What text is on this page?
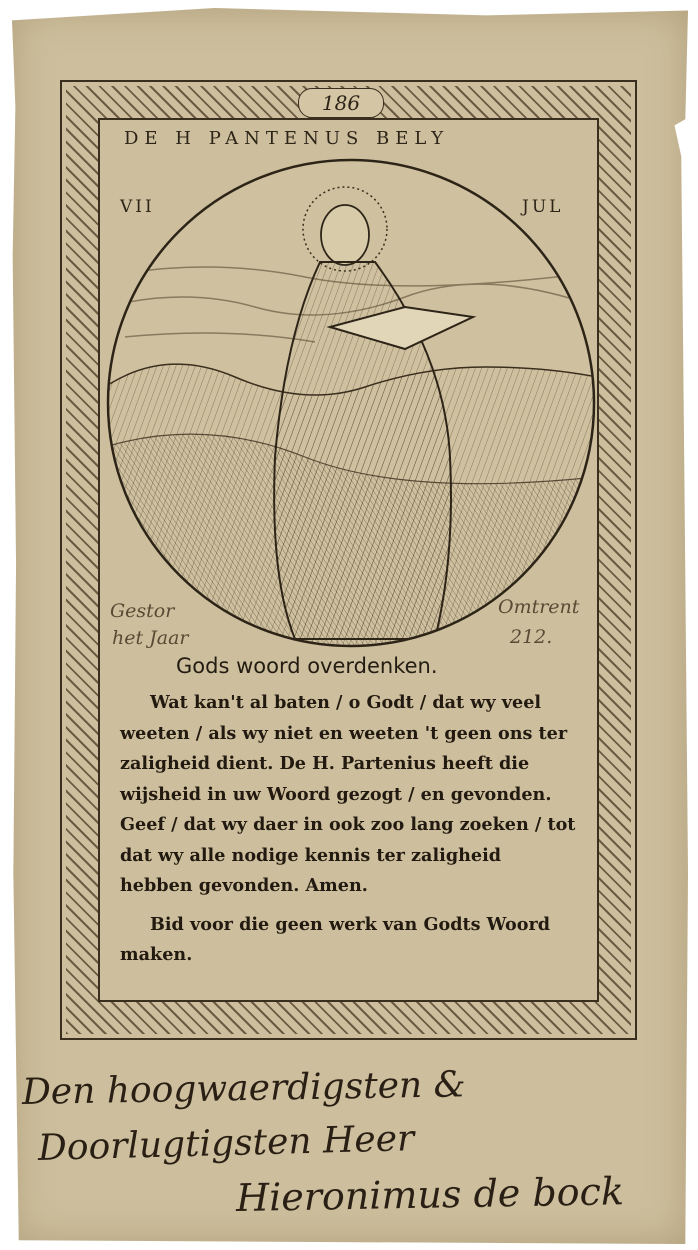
186
DE H PANTENUS BELY
VII	JUL
Gestor
het Jaar
Omtrent
212.
Gods woord overdenken.

Wat kan't al baten / o Godt / dat wy veel weeten / als wy niet en weeten 't geen ons ter zaligheid dient. De H. Partenius heeft die wijsheid in uw Woord gezogt / en gevonden. Geef / dat wy daer in ook zoo lang zoeken / tot dat wy alle nodige kennis ter zaligheid hebben gevonden. Amen.

Bid voor die geen werk van Godts Woord maken.

Den hoogwaerdigsten &
Doorlugtigsten Heer
Hieronimus de bock
